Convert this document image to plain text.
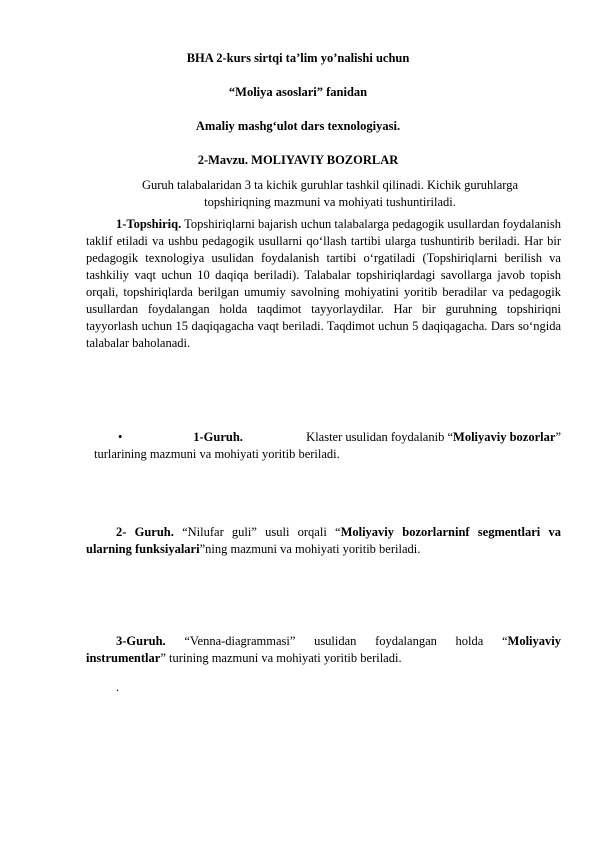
BHA 2-kurs sirtqi ta’lim yo’nalishi uchun
“Moliya asoslari” fanidan
Amaliy mashg‘ulot dars texnologiyasi.
2-Mavzu. MOLIYAVIY BOZORLAR
Guruh talabalaridan 3 ta kichik guruhlar tashkil qilinadi. Kichik guruhlarga topshiriqning mazmuni va mohiyati tushuntiriladi.
1-Topshiriq. Topshiriqlarni bajarish uchun talabalarga pedagogik usullardan foydalanish taklif etiladi va ushbu pedagogik usullarni qo‘llash tartibi ularga tushuntirib beriladi. Har bir pedagogik texnologiya usulidan foydalanish tartibi o‘rgatiladi (Topshiriqlarni berilish va tashkiliy vaqt uchun 10 daqiqa beriladi). Talabalar topshiriqlardagi savollarga javob topish orqali, topshiriqlarda berilgan umumiy savolning mohiyatini yoritib beradilar va pedagogik usullardan foydalangan holda taqdimot tayyorlaydilar. Har bir guruhning topshiriqni tayyorlash uchun 15 daqiqagacha vaqt beriladi. Taqdimot uchun 5 daqiqagacha. Dars so‘ngida talabalar baholanadi.
•	1-Guruh.	Klaster usulidan foydalanib “Moliyaviy bozorlar”
turlarining mazmuni va mohiyati yoritib beriladi.
2- Guruh. “Nilufar guli” usuli orqali “Moliyaviy bozorlarninf segmentlari va ularning funksiyalari”ning mazmuni va mohiyati yoritib beriladi.
3-Guruh. “Venna-diagrammasi” usulidan foydalangan holda “Moliyaviy instrumentlar” turining mazmuni va mohiyati yoritib beriladi.
.
